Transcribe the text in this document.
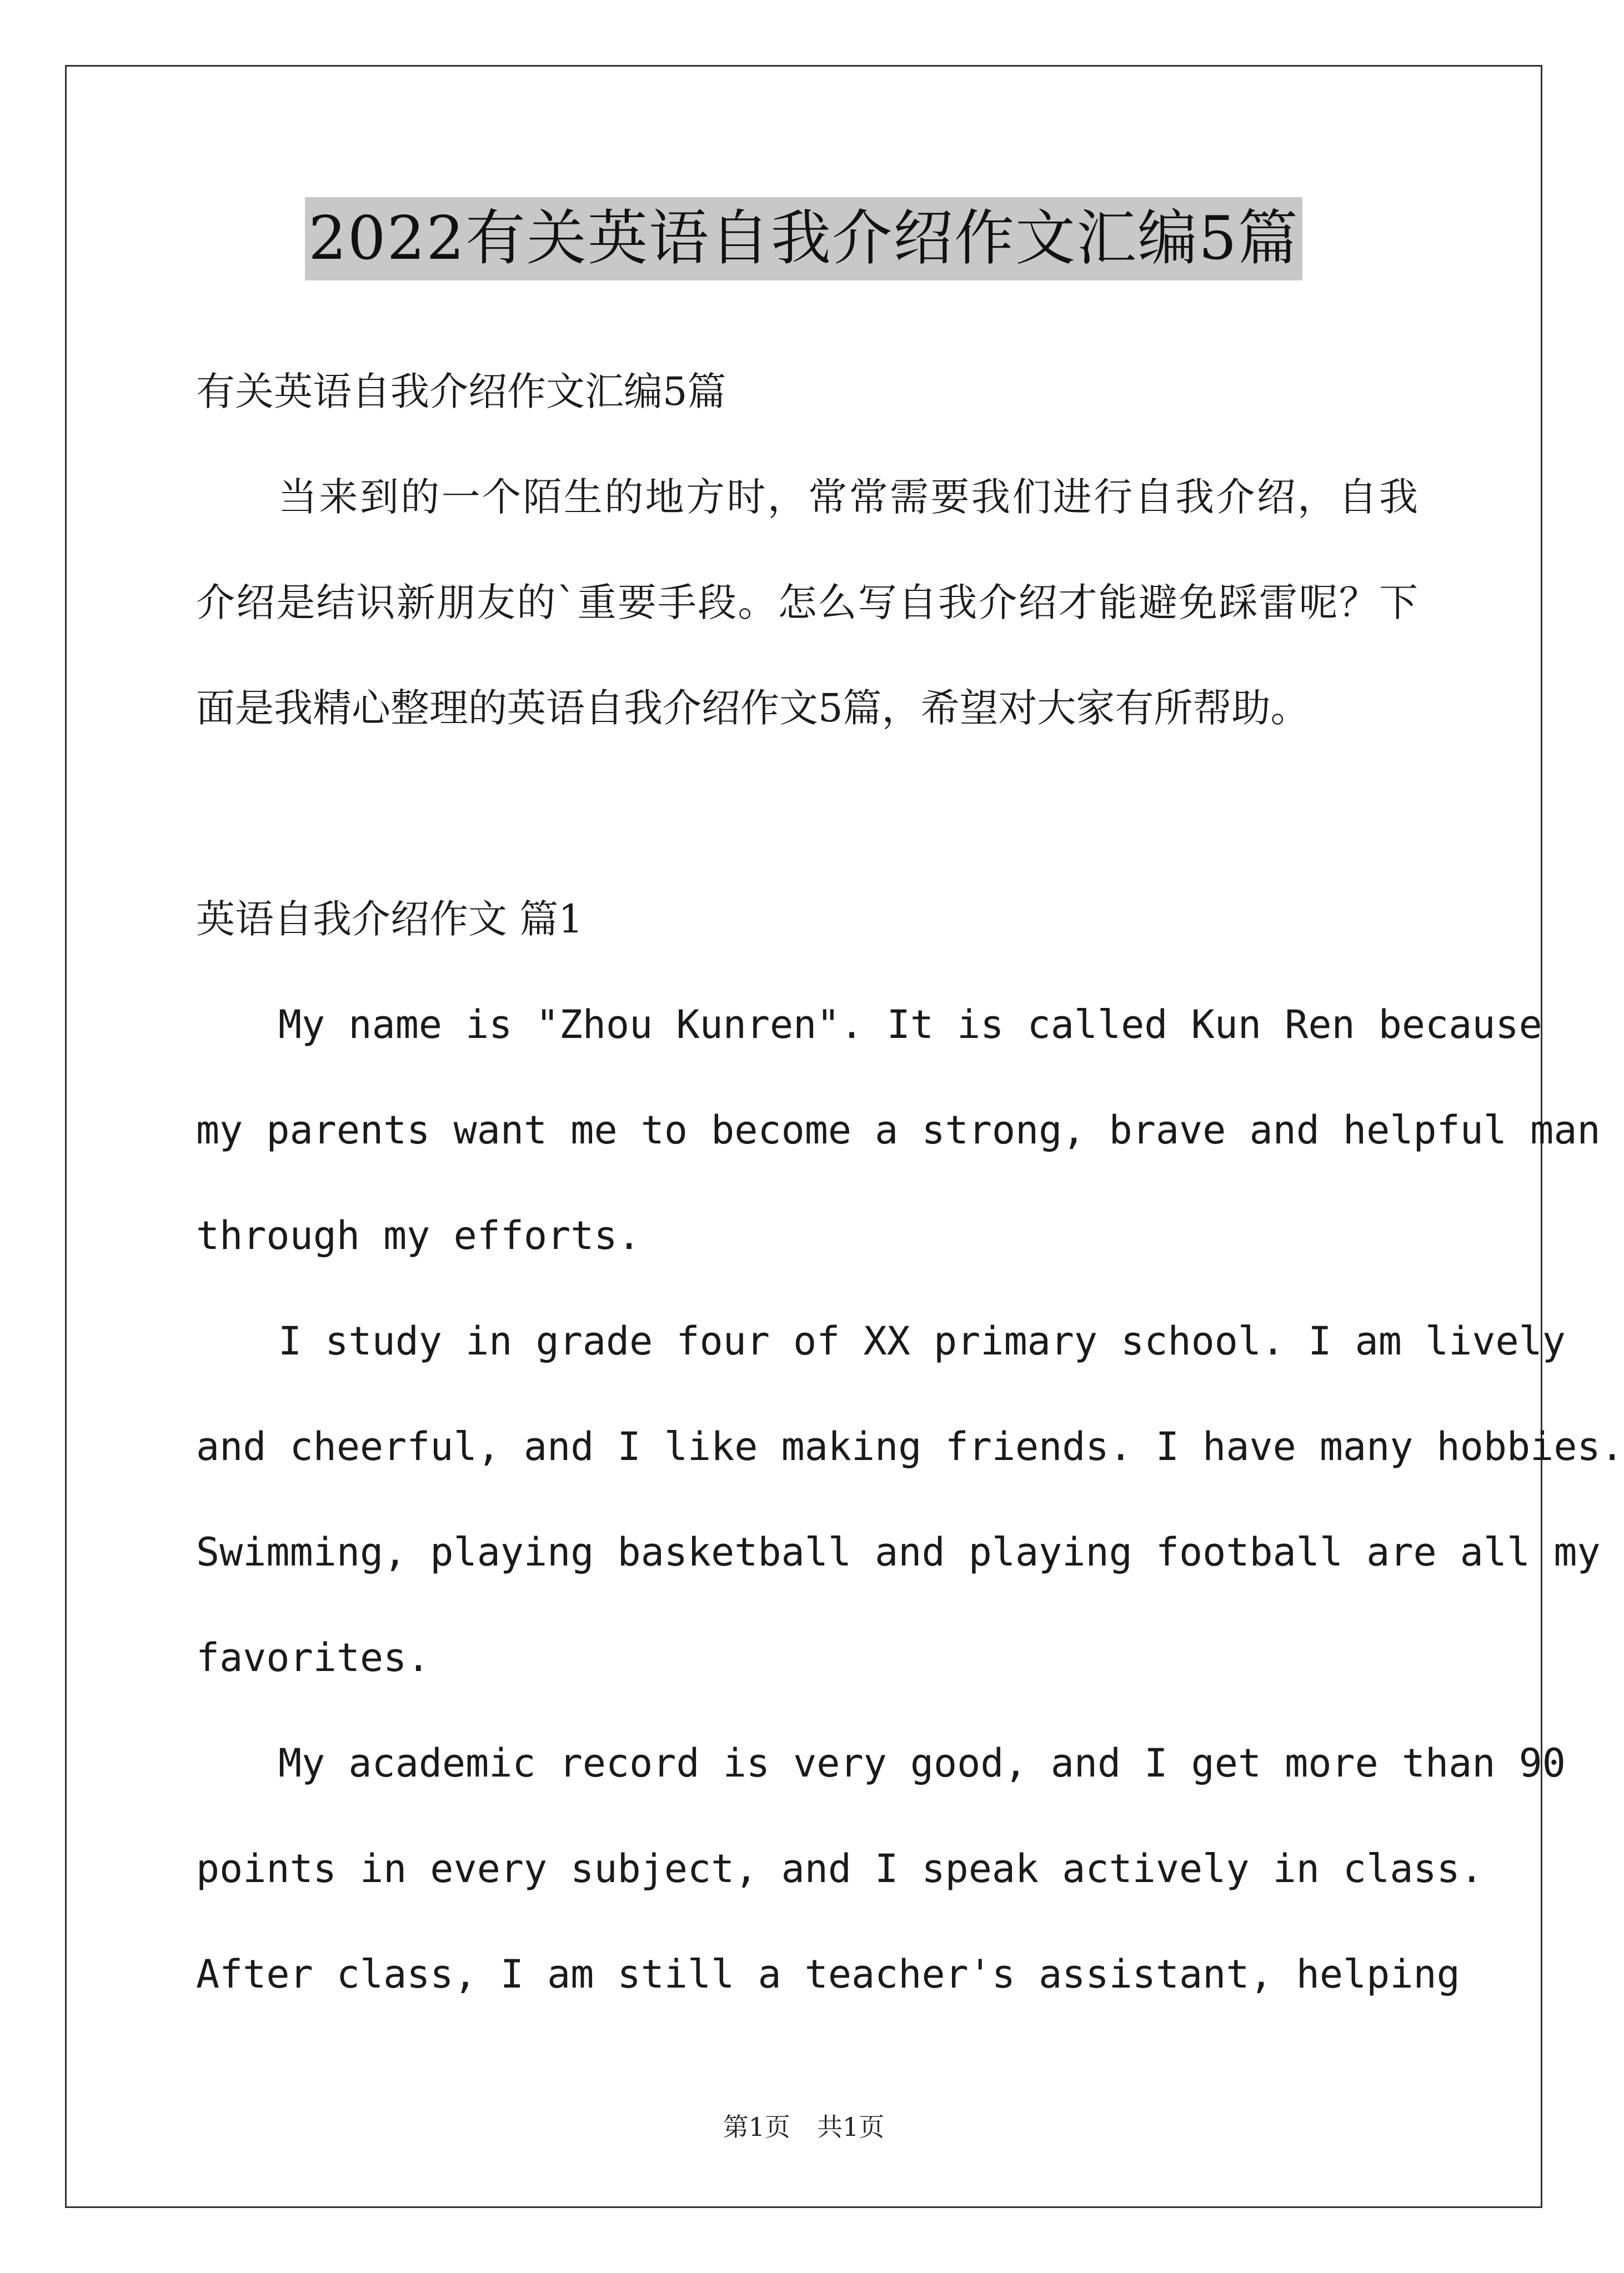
2022有关英语自我介绍作文汇编5篇
有关英语自我介绍作文汇编5篇
当来到的一个陌生的地方时，常常需要我们进行自我介绍，自我
介绍是结识新朋友的`重要手段。怎么写自我介绍才能避免踩雷呢？下
面是我精心整理的英语自我介绍作文5篇，希望对大家有所帮助。
英语自我介绍作文 篇1
My name is "Zhou Kunren". It is called Kun Ren because
my parents want me to become a strong, brave and helpful man
through my efforts.
I study in grade four of XX primary school. I am lively
and cheerful, and I like making friends. I have many hobbies.
Swimming, playing basketball and playing football are all my
favorites.
My academic record is very good, and I get more than 90
points in every subject, and I speak actively in class.
After class, I am still a teacher's assistant, helping
第1页 共1页
